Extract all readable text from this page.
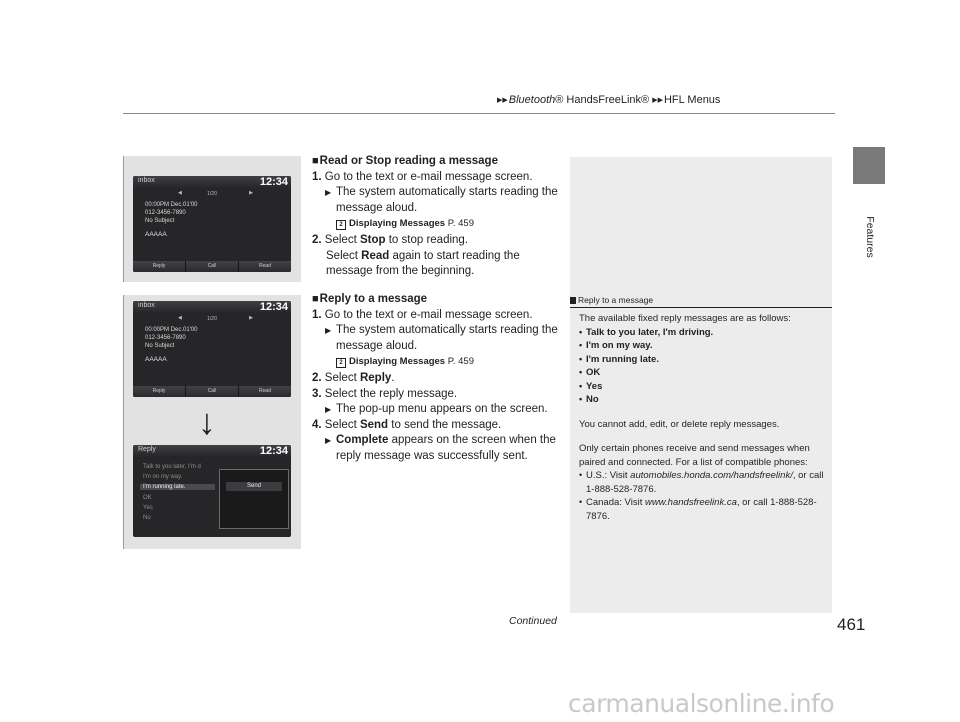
▶▶Bluetooth® HandsFreeLink® ▶▶HFL Menus
Features
inbox	12:34
◀	1/20	▶
00:00PM Dec.01'00
012-3456-7890
No Subject
AAAAA
Reply	Call	Read
inbox	12:34
◀	1/20	▶
00:00PM Dec.01'00
012-3456-7890
No Subject
AAAAA
Reply	Call	Read
Reply	12:34
Talk to you later, I'm d
I'm on my way.
I'm running late.
OK
Yes
No
Send
↓
■Read or Stop reading a message
1. Go to the text or e-mail message screen.
▶ The system automatically starts reading the message aloud.
2 Displaying Messages P. 459
2. Select Stop to stop reading.
Select Read again to start reading the message from the beginning.
■Reply to a message
1. Go to the text or e-mail message screen.
▶ The system automatically starts reading the message aloud.
2 Displaying Messages P. 459
2. Select Reply.
3. Select the reply message.
▶ The pop-up menu appears on the screen.
4. Select Send to send the message.
▶ Complete appears on the screen when the reply message was successfully sent.
Reply to a message
The available fixed reply messages are as follows:
• Talk to you later, I'm driving.
• I'm on my way.
• I'm running late.
• OK
• Yes
• No
You cannot add, edit, or delete reply messages.
Only certain phones receive and send messages when paired and connected. For a list of compatible phones:
• U.S.: Visit automobiles.honda.com/handsfreelink/, or call 1-888-528-7876.
• Canada: Visit www.handsfreelink.ca, or call 1-888-528-7876.
Continued	461
carmanualsonline.info
